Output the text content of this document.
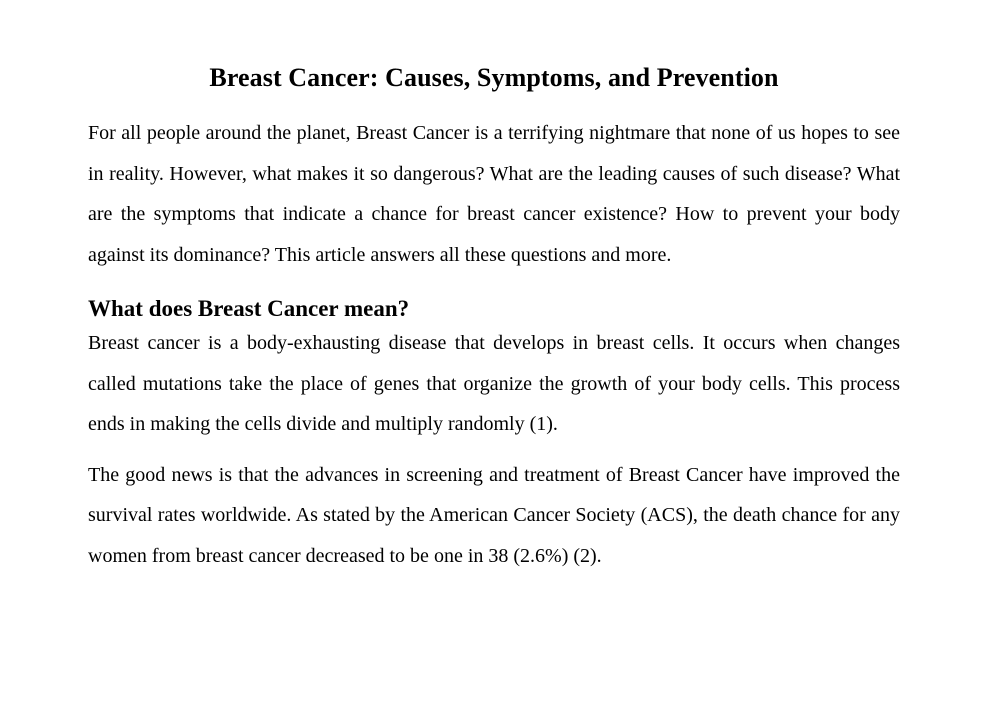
Breast Cancer: Causes, Symptoms, and Prevention

For all people around the planet, Breast Cancer is a terrifying nightmare that none of us hopes to see in reality. However, what makes it so dangerous? What are the leading causes of such disease? What are the symptoms that indicate a chance for breast cancer existence? How to prevent your body against its dominance? This article answers all these questions and more.

What does Breast Cancer mean?

Breast cancer is a body-exhausting disease that develops in breast cells. It occurs when changes called mutations take the place of genes that organize the growth of your body cells. This process ends in making the cells divide and multiply randomly (1).

The good news is that the advances in screening and treatment of Breast Cancer have improved the survival rates worldwide. As stated by the American Cancer Society (ACS), the death chance for any women from breast cancer decreased to be one in 38 (2.6%) (2).
